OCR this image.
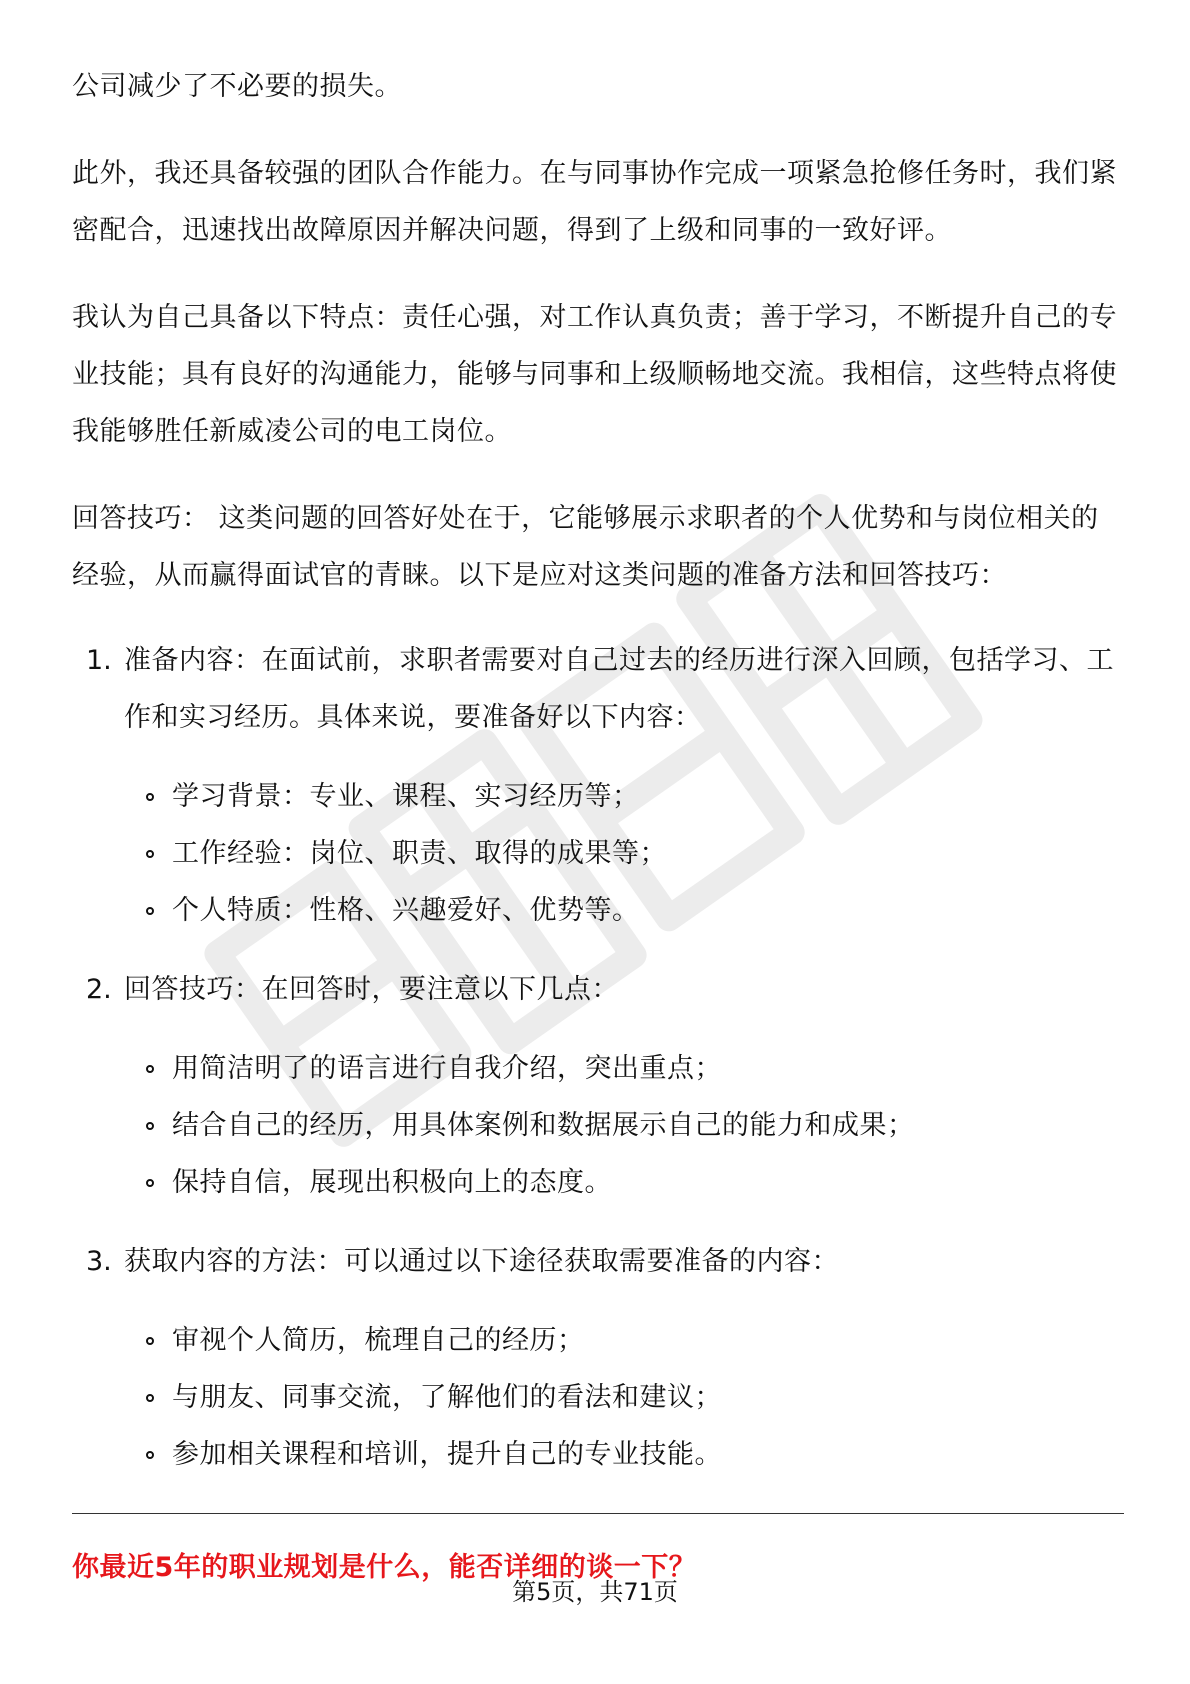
公司减少了不必要的损失。

此外，我还具备较强的团队合作能力。在与同事协作完成一项紧急抢修任务时，我们紧密配合，迅速找出故障原因并解决问题，得到了上级和同事的一致好评。

我认为自己具备以下特点：责任心强，对工作认真负责；善于学习，不断提升自己的专业技能；具有良好的沟通能力，能够与同事和上级顺畅地交流。我相信，这些特点将使我能够胜任新威凌公司的电工岗位。

回答技巧： 这类问题的回答好处在于，它能够展示求职者的个人优势和与岗位相关的经验，从而赢得面试官的青睐。以下是应对这类问题的准备方法和回答技巧：

1. 准备内容：在面试前，求职者需要对自己过去的经历进行深入回顾，包括学习、工作和实习经历。具体来说，要准备好以下内容：

学习背景：专业、课程、实习经历等；
工作经验：岗位、职责、取得的成果等；
个人特质：性格、兴趣爱好、优势等。
2. 回答技巧：在回答时，要注意以下几点：

用简洁明了的语言进行自我介绍，突出重点；
结合自己的经历，用具体案例和数据展示自己的能力和成果；
保持自信，展现出积极向上的态度。
3. 获取内容的方法：可以通过以下途径获取需要准备的内容：

审视个人简历，梳理自己的经历；
与朋友、同事交流，了解他们的看法和建议；
参加相关课程和培训，提升自己的专业技能。
你最近5年的职业规划是什么，能否详细的谈一下？
第5页，共71页
